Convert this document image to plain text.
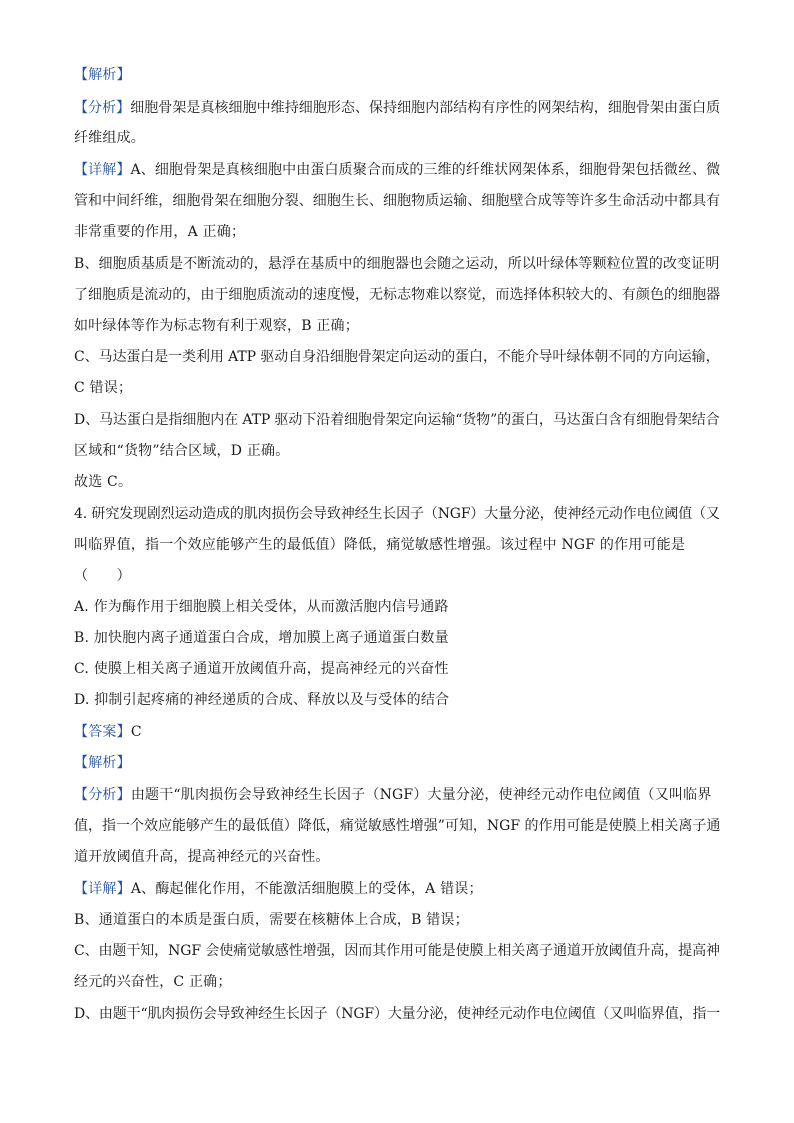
【解析】
【分析】细胞骨架是真核细胞中维持细胞形态、保持细胞内部结构有序性的网架结构，细胞骨架由蛋白质
纤维组成。
【详解】A、细胞骨架是真核细胞中由蛋白质聚合而成的三维的纤维状网架体系，细胞骨架包括微丝、微
管和中间纤维，细胞骨架在细胞分裂、细胞生长、细胞物质运输、细胞壁合成等等许多生命活动中都具有
非常重要的作用，A 正确；
B、细胞质基质是不断流动的，悬浮在基质中的细胞器也会随之运动，所以叶绿体等颗粒位置的改变证明
了细胞质是流动的，由于细胞质流动的速度慢，无标志物难以察觉，而选择体积较大的、有颜色的细胞器
如叶绿体等作为标志物有利于观察，B 正确；
C、马达蛋白是一类利用 ATP 驱动自身沿细胞骨架定向运动的蛋白，不能介导叶绿体朝不同的方向运输，
C 错误；
D、马达蛋白是指细胞内在 ATP 驱动下沿着细胞骨架定向运输“货物”的蛋白，马达蛋白含有细胞骨架结合
区域和“货物”结合区域，D 正确。
故选 C。
4. 研究发现剧烈运动造成的肌肉损伤会导致神经生长因子（NGF）大量分泌，使神经元动作电位阈值（又
叫临界值，指一个效应能够产生的最低值）降低，痛觉敏感性增强。该过程中 NGF 的作用可能是
（　　）
A. 作为酶作用于细胞膜上相关受体，从而激活胞内信号通路
B. 加快胞内离子通道蛋白合成，增加膜上离子通道蛋白数量
C. 使膜上相关离子通道开放阈值升高，提高神经元的兴奋性
D. 抑制引起疼痛的神经递质的合成、释放以及与受体的结合
【答案】C
【解析】
【分析】由题干“肌肉损伤会导致神经生长因子（NGF）大量分泌，使神经元动作电位阈值（又叫临界
值，指一个效应能够产生的最低值）降低，痛觉敏感性增强”可知，NGF 的作用可能是使膜上相关离子通
道开放阈值升高，提高神经元的兴奋性。
【详解】A、酶起催化作用，不能激活细胞膜上的受体，A 错误；
B、通道蛋白的本质是蛋白质，需要在核糖体上合成，B 错误；
C、由题干知，NGF 会使痛觉敏感性增强，因而其作用可能是使膜上相关离子通道开放阈值升高，提高神
经元的兴奋性，C 正确；
D、由题干“肌肉损伤会导致神经生长因子（NGF）大量分泌，使神经元动作电位阈值（又叫临界值，指一
